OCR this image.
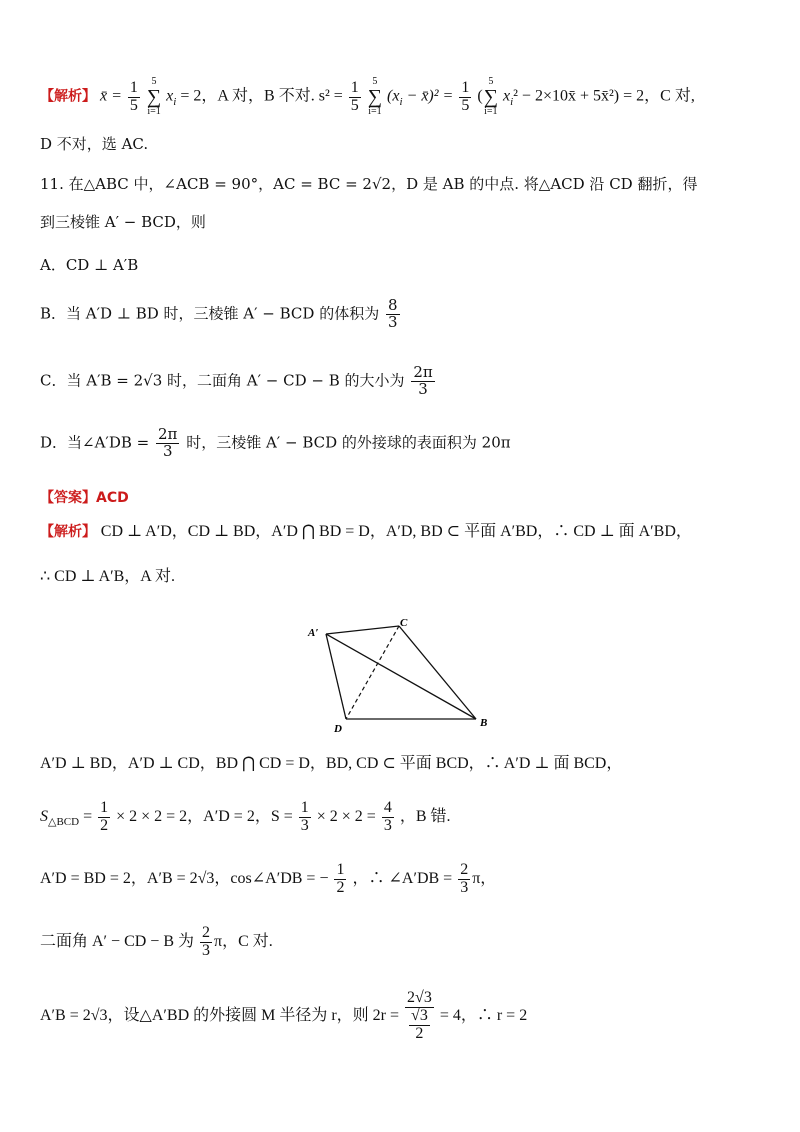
【解析】 x̄ = $\frac{1}{5} 5$
∑
i=1 $x_i = 2$，A 对，B 不对. $s^2 = \frac{1}{5} 5$
∑
i=1 ($x_i$ − x̄)² = $\frac{1}{5} (5$
∑
i=1 $x_i^2$ − 2×10x̄ + 5x̄²) = 2，C 对,
D 不对，选 AC.
11. 在△ABC 中，∠ACB = 90°，AC = BC = 2√2，D 是 AB 的中点. 将△ACD 沿 CD 翻折，得
到三棱锥 A′ − BCD，则
A．CD ⊥ A′B
B．当 A′D ⊥ BD 时，三棱锥 A′ − BCD 的体积为 $\frac{8}{3}$
C．当 A′B = 2√3 时，二面角 A′ − CD − B 的大小为 $\frac{2\pi}{3}$
D．当∠A′DB = $\frac{2\pi}{3}$ 时，三棱锥 A′ − BCD 的外接球的表面积为 20π
【答案】ACD
【解析】 CD ⊥ A′D，CD ⊥ BD，A′D ⋂ BD = D，A′D, BD ⊂ 平面 A′BD，∴ CD ⊥ 面 A′BD，
∴ CD ⊥ A′B，A 对.
A′
C
D	B
A′D ⊥ BD，A′D ⊥ CD，BD ⋂ CD = D，BD, CD ⊂ 平面 BCD，∴ A′D ⊥ 面 BCD，
$S_{\triangle BCD} = \frac{1}{2} \times 2 \times 2 = 2$，A′D = 2，$S = \frac{1}{3} \times 2 \times 2 = \frac{4}{3}$ ，B 错.
A′D = BD = 2，A′B = 2√3，cos∠A′DB = − $\frac{1}{2}$ ，∴ ∠A′DB = $\frac{2}{3}$ π，
二面角 A′ − CD − B 为 $\frac{2}{3}$ π，C 对.
A′B = 2√3，设△A′BD 的外接圆 M 半径为 r，则 $2r = \frac{2√3}{\frac{√3}{2}} = 4$，∴ r = 2
